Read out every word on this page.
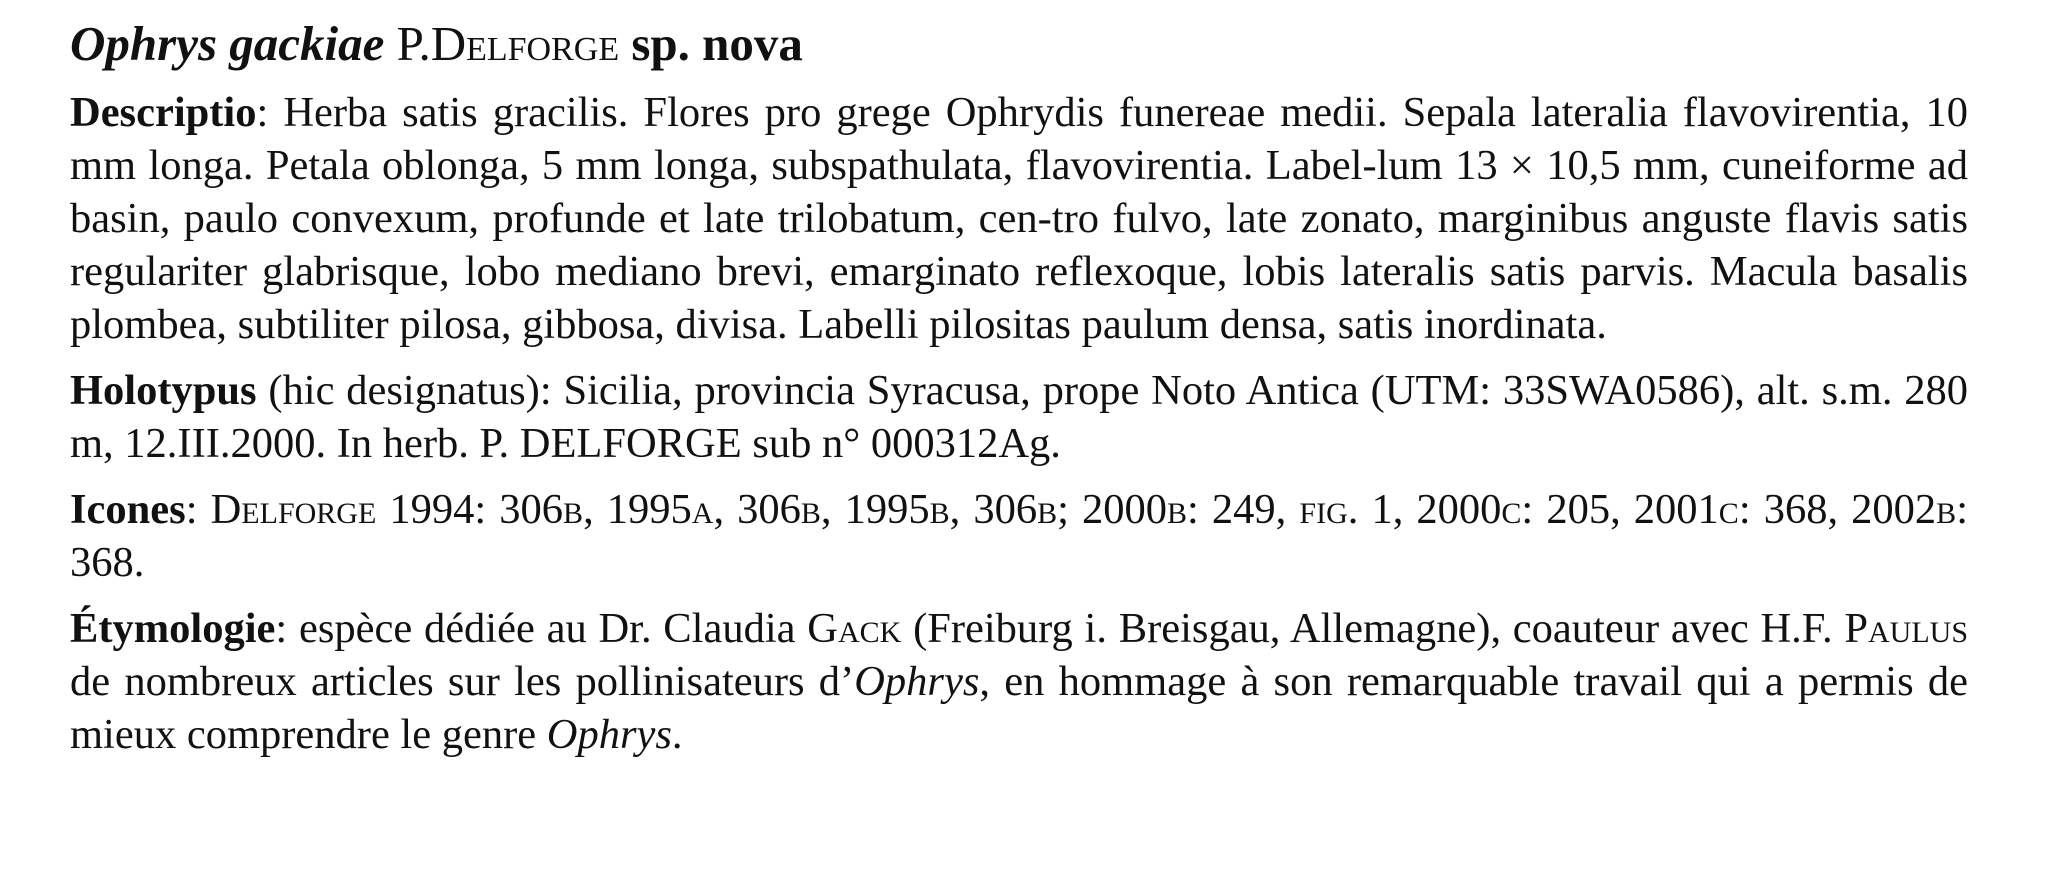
Ophrys gackiae P.Delforge sp. nova

Descriptio: Herba satis gracilis. Flores pro grege Ophrydis funereae medii. Sepala lateralia flavovirentia, 10 mm longa. Petala oblonga, 5 mm longa, subspathulata, flavovirentia. Label-lum 13 × 10,5 mm, cuneiforme ad basin, paulo convexum, profunde et late trilobatum, cen-tro fulvo, late zonato, marginibus anguste flavis satis regulariter glabrisque, lobo mediano brevi, emarginato reflexoque, lobis lateralis satis parvis. Macula basalis plombea, subtiliter pilosa, gibbosa, divisa. Labelli pilositas paulum densa, satis inordinata.

Holotypus (hic designatus): Sicilia, provincia Syracusa, prope Noto Antica (UTM: 33SWA0586), alt. s.m. 280 m, 12.III.2000. In herb. P. DELFORGE sub n° 000312Ag.

Icones: Delforge 1994: 306b, 1995a, 306b, 1995b, 306b; 2000b: 249, fig. 1, 2000c: 205, 2001c: 368, 2002b: 368.

Étymologie: espèce dédiée au Dr. Claudia Gack (Freiburg i. Breisgau, Allemagne), coauteur avec H.F. Paulus de nombreux articles sur les pollinisateurs d’Ophrys, en hommage à son remarquable travail qui a permis de mieux comprendre le genre Ophrys.
